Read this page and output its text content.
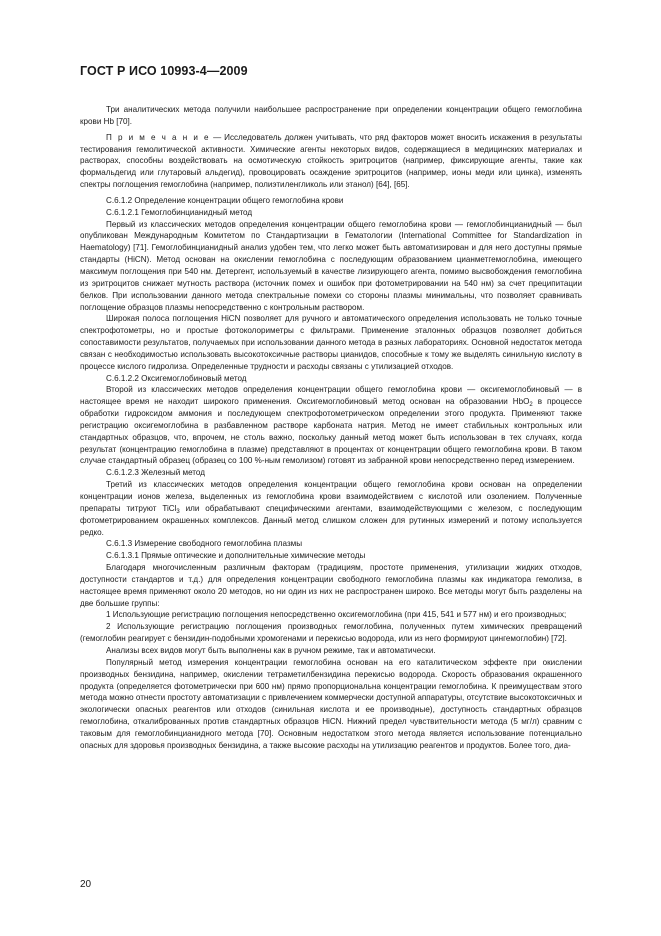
ГОСТ Р ИСО 10993-4—2009

Три аналитических метода получили наибольшее распространение при определении концентрации общего гемоглобина крови Hb [70].

П р и м е ч а н и е — Исследователь должен учитывать, что ряд факторов может вносить искажения в результаты тестирования гемолитической активности. Химические агенты некоторых видов, содержащиеся в медицинских материалах и растворах, способны воздействовать на осмотическую стойкость эритроцитов (например, фиксирующие агенты, такие как формальдегид или глутаровый альдегид), провоцировать осаждение эритроцитов (например, ионы меди или цинка), изменять спектры поглощения гемоглобина (например, полиэтиленгликоль или этанол) [64], [65].

С.6.1.2 Определение концентрации общего гемоглобина крови

С.6.1.2.1 Гемоглобинцианидный метод

Первый из классических методов определения концентрации общего гемоглобина крови — гемоглобинцианидный — был опубликован Международным Комитетом по Стандартизации в Гематологии (International Committee for Standardization in Haematology) [71]. Гемоглобинцианидный анализ удобен тем, что легко может быть автоматизирован и для него доступны прямые стандарты (HiCN). Метод основан на окислении гемоглобина с последующим образованием цианметгемоглобина, имеющего максимум поглощения при 540 нм. Детергент, используемый в качестве лизирующего агента, помимо высвобождения гемоглобина из эритроцитов снижает мутность раствора (источник помех и ошибок при фотометрировании на 540 нм) за счет преципитации белков. При использовании данного метода спектральные помехи со стороны плазмы минимальны, что позволяет сравнивать поглощение образцов плазмы непосредственно с контрольным раствором.

Широкая полоса поглощения HiCN позволяет для ручного и автоматического определения использовать не только точные спектрофотометры, но и простые фотоколориметры с фильтрами. Применение эталонных образцов позволяет добиться сопоставимости результатов, получаемых при использовании данного метода в разных лабораториях. Основной недостаток метода связан с необходимостью использовать высокотоксичные растворы цианидов, способные к тому же выделять синильную кислоту в процессе кислого гидролиза. Определенные трудности и расходы связаны с утилизацией отходов.

С.6.1.2.2 Оксигемоглобиновый метод

Второй из классических методов определения концентрации общего гемоглобина крови — оксигемоглобиновый — в настоящее время не находит широкого применения. Оксигемоглобиновый метод основан на образовании HbO$_2$ в процессе обработки гидроксидом аммония и последующем спектрофотометрическом определении этого продукта. Применяют также регистрацию оксигемоглобина в разбавленном растворе карбоната натрия. Метод не имеет стабильных контрольных или стандартных образцов, что, впрочем, не столь важно, поскольку данный метод может быть использован в тех случаях, когда результат (концентрацию гемоглобина в плазме) представляют в процентах от концентрации общего гемоглобина крови. В таком случае стандартный образец (образец со 100 %-ным гемолизом) готовят из забранной крови непосредственно перед измерением.

С.6.1.2.3 Железный метод

Третий из классических методов определения концентрации общего гемоглобина крови основан на определении концентрации ионов железа, выделенных из гемоглобина крови взаимодействием с кислотой или озолением. Полученные препараты титруют TiCl$_3$ или обрабатывают специфическими агентами, взаимодействующими с железом, с последующим фотометрированием окрашенных комплексов. Данный метод слишком сложен для рутинных измерений и потому используется редко.

С.6.1.3 Измерение свободного гемоглобина плазмы

С.6.1.3.1 Прямые оптические и дополнительные химические методы

Благодаря многочисленным различным факторам (традициям, простоте применения, утилизации жидких отходов, доступности стандартов и т.д.) для определения концентрации свободного гемоглобина плазмы как индикатора гемолиза, в настоящее время применяют около 20 методов, но ни один из них не распространен широко. Все методы могут быть разделены на две большие группы:

1 Использующие регистрацию поглощения непосредственно оксигемоглобина (при 415, 541 и 577 нм) и его производных;

2 Использующие регистрацию поглощения производных гемоглобина, полученных путем химических превращений (гемоглобин реагирует с бензидин-подобными хромогенами и перекисью водорода, или из него формируют цингемоглобин) [72].

Анализы всех видов могут быть выполнены как в ручном режиме, так и автоматически.

Популярный метод измерения концентрации гемоглобина основан на его каталитическом эффекте при окислении производных бензидина, например, окислении тетраметилбензидина перекисью водорода. Скорость образования окрашенного продукта (определяется фотометрически при 600 нм) прямо пропорциональна концентрации гемоглобина. К преимуществам этого метода можно отнести простоту автоматизации с привлечением коммерчески доступной аппаратуры, отсутствие высокотоксичных и экологически опасных реагентов или отходов (синильная кислота и ее производные), доступность стандартных образцов гемоглобина, откалиброванных против стандартных образцов HiCN. Нижний предел чувствительности метода (5 мг/л) сравним с таковым для гемоглобинцианидного метода [70]. Основным недостатком этого метода является использование потенциально опасных для здоровья производных бензидина, а также высокие расходы на утилизацию реагентов и продуктов. Более того, диа-

20
